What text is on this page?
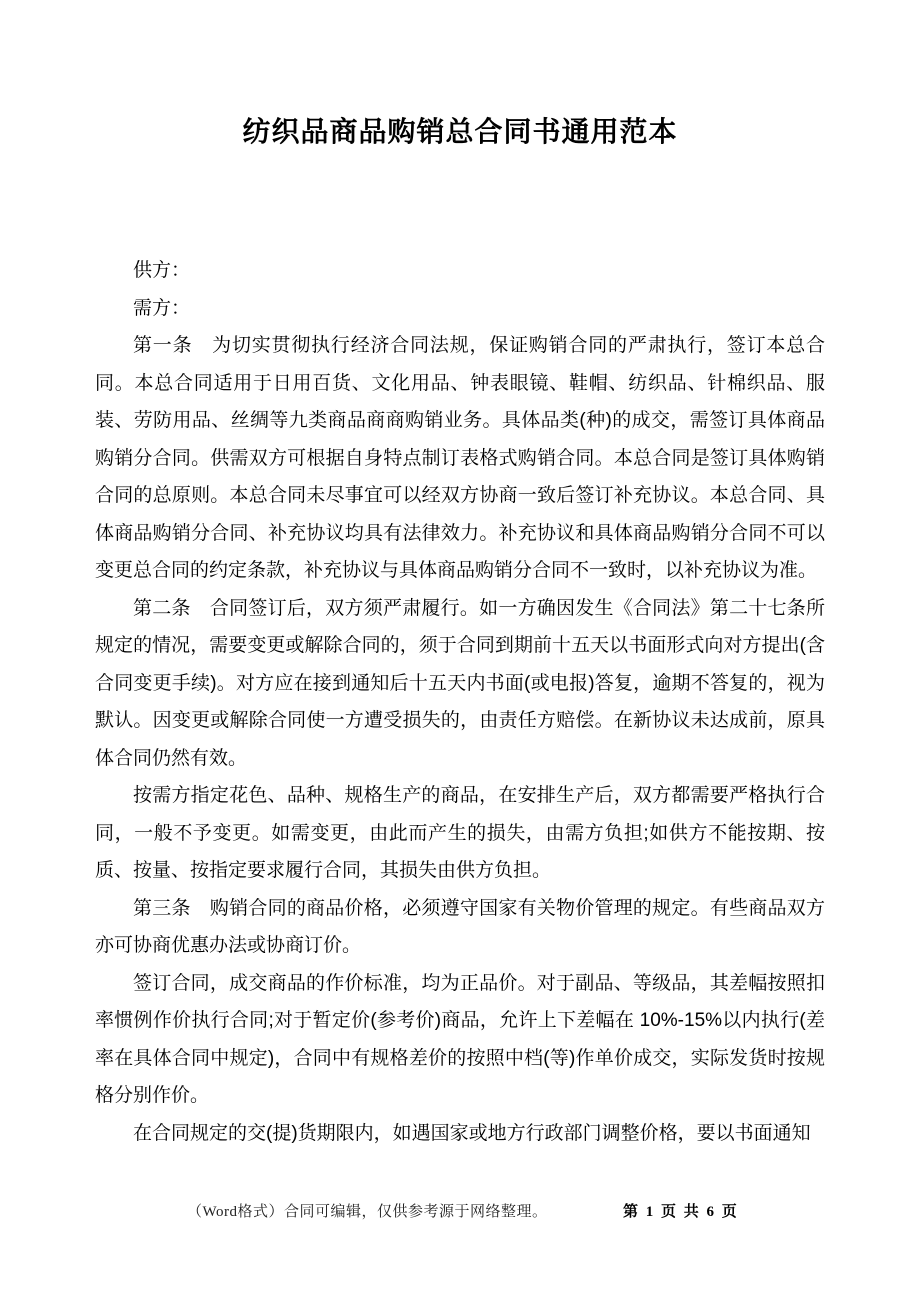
纺织品商品购销总合同书通用范本
供方：
需方：
第一条　为切实贯彻执行经济合同法规，保证购销合同的严肃执行，签订本总合同。本总合同适用于日用百货、文化用品、钟表眼镜、鞋帽、纺织品、针棉织品、服装、劳防用品、丝绸等九类商品商商购销业务。具体品类(种)的成交，需签订具体商品购销分合同。供需双方可根据自身特点制订表格式购销合同。本总合同是签订具体购销合同的总原则。本总合同未尽事宜可以经双方协商一致后签订补充协议。本总合同、具体商品购销分合同、补充协议均具有法律效力。补充协议和具体商品购销分合同不可以变更总合同的约定条款，补充协议与具体商品购销分合同不一致时，以补充协议为准。
第二条　合同签订后，双方须严肃履行。如一方确因发生《合同法》第二十七条所规定的情况，需要变更或解除合同的，须于合同到期前十五天以书面形式向对方提出(含合同变更手续)。对方应在接到通知后十五天内书面(或电报)答复，逾期不答复的，视为默认。因变更或解除合同使一方遭受损失的，由责任方赔偿。在新协议未达成前，原具体合同仍然有效。
按需方指定花色、品种、规格生产的商品，在安排生产后，双方都需要严格执行合同，一般不予变更。如需变更，由此而产生的损失，由需方负担;如供方不能按期、按质、按量、按指定要求履行合同，其损失由供方负担。
第三条　购销合同的商品价格，必须遵守国家有关物价管理的规定。有些商品双方亦可协商优惠办法或协商订价。
签订合同，成交商品的作价标准，均为正品价。对于副品、等级品，其差幅按照扣率惯例作价执行合同;对于暂定价(参考价)商品，允许上下差幅在 10%-15%以内执行(差率在具体合同中规定)，合同中有规格差价的按照中档(等)作单价成交，实际发货时按规格分别作价。
在合同规定的交(提)货期限内，如遇国家或地方行政部门调整价格，要以书面通知
（Word格式）合同可编辑，仅供参考源于网络整理。	第 1 页 共 6 页
